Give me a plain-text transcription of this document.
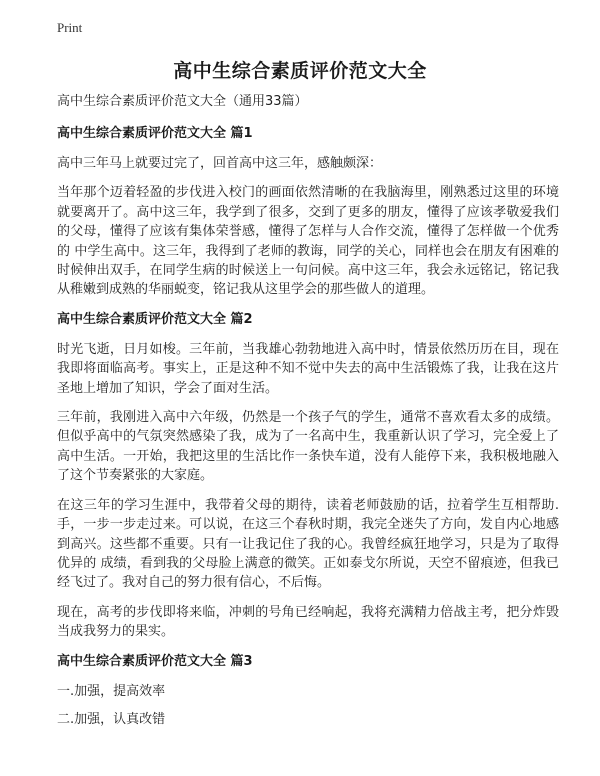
Print
高中生综合素质评价范文大全

高中生综合素质评价范文大全（通用33篇）

高中生综合素质评价范文大全 篇1

高中三年马上就要过完了，回首高中这三年，感触颇深：

当年那个迈着轻盈的步伐进入校门的画面依然清晰的在我脑海里，刚熟悉过这里的环境就要离开了。高中这三年，我学到了很多，交到了更多的朋友，懂得了应该孝敬爱我们的父母，懂得了应该有集体荣誉感，懂得了怎样与人合作交流，懂得了怎样做一个优秀的 中学生高中。这三年，我得到了老师的教诲，同学的关心，同样也会在朋友有困难的时候伸出双手，在同学生病的时候送上一句问候。高中这三年，我会永远铭记，铭记我从稚嫩到成熟的华丽蜕变，铭记我从这里学会的那些做人的道理。

高中生综合素质评价范文大全 篇2

时光飞逝，日月如梭。三年前，当我雄心勃勃地进入高中时，情景依然历历在目，现在我即将面临高考。事实上，正是这种不知不觉中失去的高中生活锻炼了我，让我在这片圣地上增加了知识，学会了面对生活。

三年前，我刚进入高中六年级，仍然是一个孩子气的学生，通常不喜欢看太多的成绩。但似乎高中的气氛突然感染了我，成为了一名高中生，我重新认识了学习，完全爱上了高中生活。一开始，我把这里的生活比作一条快车道，没有人能停下来，我积极地融入了这个节奏紧张的大家庭。

在这三年的学习生涯中，我带着父母的期待，读着老师鼓励的话，拉着学生互相帮助.手，一步一步走过来。可以说，在这三个春秋时期，我完全迷失了方向，发自内心地感到高兴。这些都不重要。只有一让我记住了我的心。我曾经疯狂地学习，只是为了取得优异的 成绩，看到我的父母脸上满意的微笑。正如泰戈尔所说，天空不留痕迹，但我已经飞过了。我对自己的努力很有信心，不后悔。

现在，高考的步伐即将来临，冲刺的号角已经响起，我将充满精力倍战主考，把分炸毁当成我努力的果实。

高中生综合素质评价范文大全 篇3

一.加强，提高效率

二.加强，认真改错
